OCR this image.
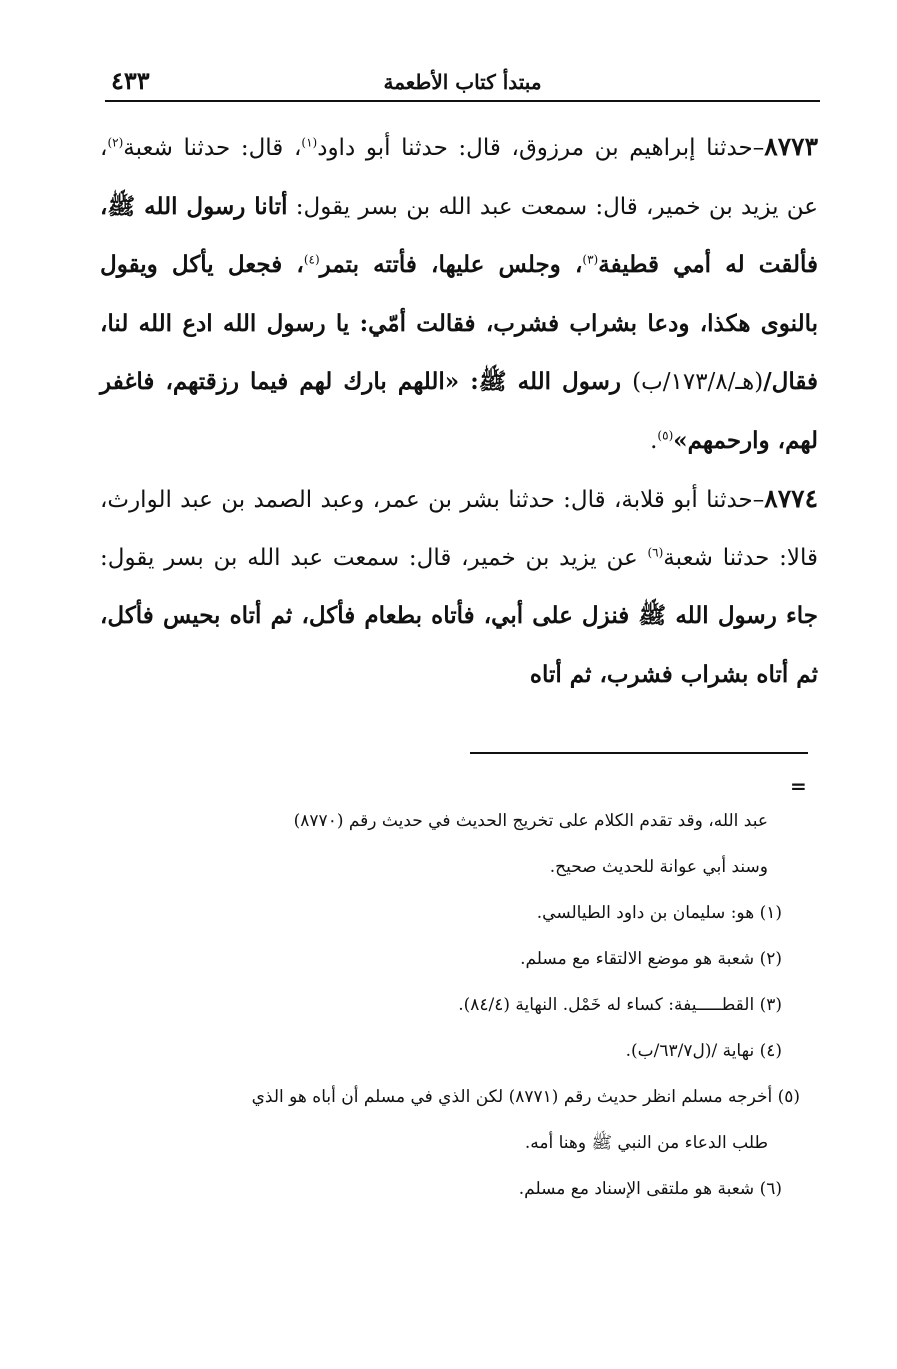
٤٣٣	مبتدأ كتاب الأطعمة

٨٧٧٣–حدثنا إبراهيم بن مرزوق، قال: حدثنا أبو داود$^{(١)}$، قال: حدثنا شعبة$^{(٢)}$، عن يزيد بن خمير، قال: سمعت عبد الله بن بسر يقول: أتانا رسول الله ﷺ، فألقت له أمي قطيفة$^{(٣)}$، وجلس عليها، فأتته بتمر$^{(٤)}$، فجعل يأكل ويقول بالنوى هكذا، ودعا بشراب فشرب، فقالت أمّي: يا رسول الله ادع الله لنا، فقال/(هـ/١٧٣/٨/ب) رسول الله ﷺ: «اللهم بارك لهم فيما رزقتهم، فاغفر لهم، وارحمهم»$^{(٥)}$.

٨٧٧٤–حدثنا أبو قلابة، قال: حدثنا بشر بن عمر، وعبد الصمد بن عبد الوارث، قالا: حدثنا شعبة$^{(٦)}$ عن يزيد بن خمير، قال: سمعت عبد الله بن بسر يقول: جاء رسول الله ﷺ فنزل على أبي، فأتاه بطعام فأكل، ثم أتاه بحيس فأكل، ثم أتاه بشراب فشرب، ثم أتاه

=

عبد الله، وقد تقدم الكلام على تخريج الحديث في حديث رقم (٨٧٧٠)

وسند أبي عوانة للحديث صحيح.

(١) هو: سليمان بن داود الطيالسي.

(٢) شعبة هو موضع الالتقاء مع مسلم.

(٣) القطـــــيفة: كساء له خَمْل. النهاية (٨٤/٤).

(٤) نهاية /(ل٦٣/٧/ب).

(٥) أخرجه مسلم انظر حديث رقم (٨٧٧١) لكن الذي في مسلم أن أباه هو الذي

طلب الدعاء من النبي ﷺ وهنا أمه.

(٦) شعبة هو ملتقى الإسناد مع مسلم.
